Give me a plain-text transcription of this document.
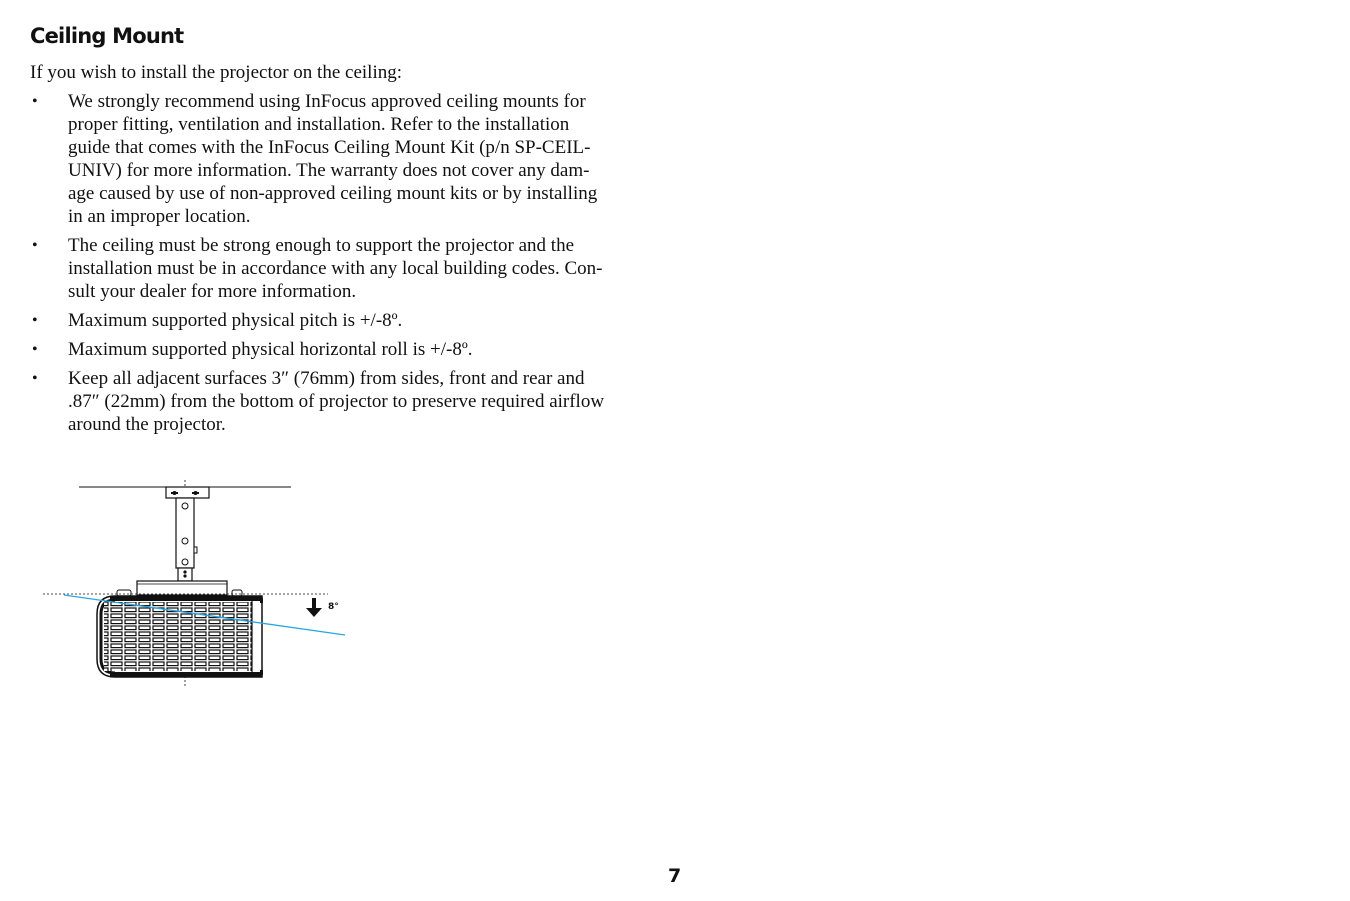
Ceiling Mount

If you wish to install the projector on the ceiling:

• We strongly recommend using InFocus approved ceiling mounts for
proper fitting, ventilation and installation. Refer to the installation
guide that comes with the InFocus Ceiling Mount Kit (p/n SP-CEIL-
UNIV) for more information. The warranty does not cover any dam-
age caused by use of non-approved ceiling mount kits or by installing
in an improper location.
• The ceiling must be strong enough to support the projector and the
installation must be in accordance with any local building codes. Con-
sult your dealer for more information.
• Maximum supported physical pitch is +/-8º.
• Maximum supported physical horizontal roll is +/-8º.
• Keep all adjacent surfaces 3″ (76mm) from sides, front and rear and
.87″ (22mm) from the bottom of projector to preserve required airflow
around the projector.
8°

7
